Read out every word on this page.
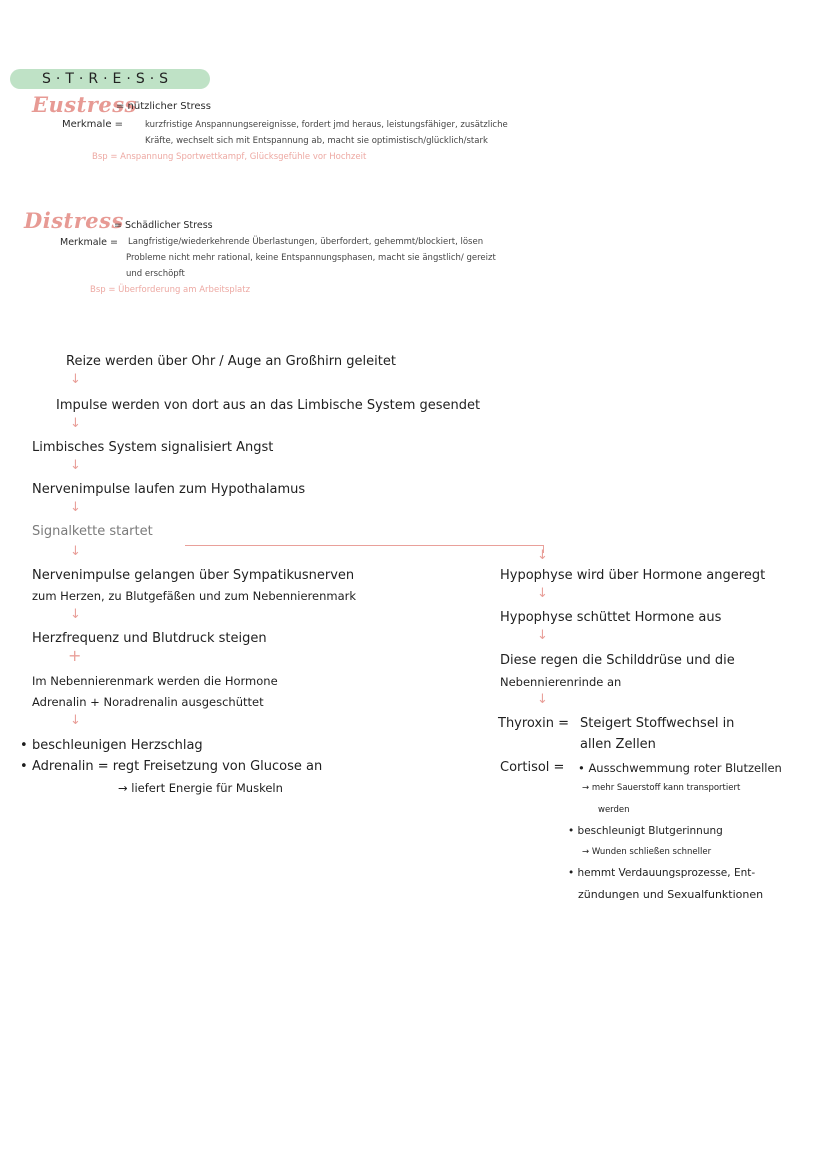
S·T·R·E·S·S
Eustress
= nützlicher Stress
Merkmale =	kurzfristige Anspannungsereignisse, fordert jmd heraus, leistungsfähiger, zusätzliche
Kräfte, wechselt sich mit Entspannung ab, macht sie optimistisch/glücklich/stark
Bsp = Anspannung Sportwettkampf, Glücksgefühle vor Hochzeit
Distress
= Schädlicher Stress
Merkmale = Langfristige/wiederkehrende Überlastungen, überfordert, gehemmt/blockiert, lösen
Probleme nicht mehr rational, keine Entspannungsphasen, macht sie ängstlich/ gereizt
und erschöpft
Bsp = Überforderung am Arbeitsplatz
Reize werden über Ohr / Auge an Großhirn geleitet
↓
Impulse werden von dort aus an das Limbische System gesendet
↓
Limbisches System signalisiert Angst
↓
Nervenimpulse laufen zum Hypothalamus
↓
Signalkette startet
↓
↓
Nervenimpulse gelangen über Sympatikusnerven
zum Herzen, zu Blutgefäßen und zum Nebennierenmark
↓
Herzfrequenz und Blutdruck steigen
+
Im Nebennierenmark werden die Hormone
Adrenalin + Noradrenalin ausgeschüttet
↓
• beschleunigen Herzschlag
• Adrenalin = regt Freisetzung von Glucose an
→ liefert Energie für Muskeln
Hypophyse wird über Hormone angeregt
↓
Hypophyse schüttet Hormone aus
↓
Diese regen die Schilddrüse und die
Nebennierenrinde an
↓
Thyroxin = Steigert Stoffwechsel in
allen Zellen
Cortisol = • Ausschwemmung roter Blutzellen
→ mehr Sauerstoff kann transportiert
werden
• beschleunigt Blutgerinnung
→ Wunden schließen schneller
• hemmt Verdauungsprozesse, Ent-
zündungen und Sexualfunktionen
